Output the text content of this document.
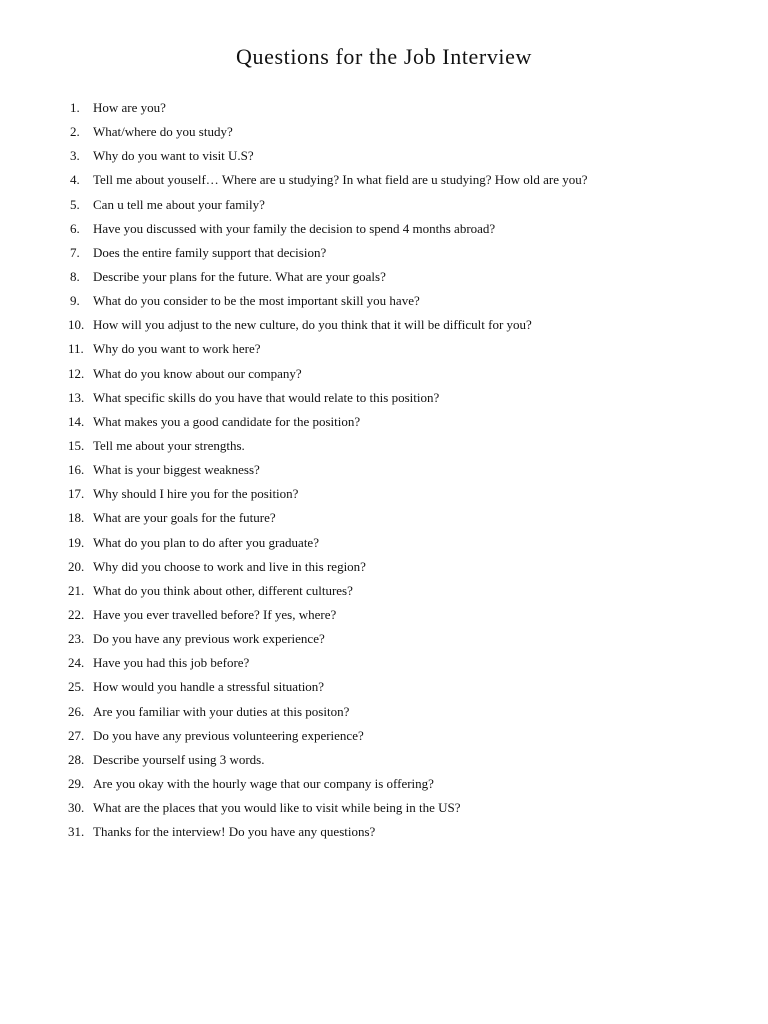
Questions for the Job Interview
1. How are you?
2. What/where do you study?
3. Why do you want to visit U.S?
4. Tell me about youself… Where are u studying? In what field are u studying? How old are you?
5. Can u tell me about your family?
6. Have you discussed with your family the decision to spend 4 months abroad?
7. Does the entire family support that decision?
8. Describe your plans for the future. What are your goals?
9. What do you consider to be the most important skill you have?
10. How will you adjust to the new culture, do you think that it will be difficult for you?
11. Why do you want to work here?
12. What do you know about our company?
13. What specific skills do you have that would relate to this position?
14. What makes you a good candidate for the position?
15. Tell me about your strengths.
16. What is your biggest weakness?
17. Why should I hire you for the position?
18. What are your goals for the future?
19. What do you plan to do after you graduate?
20. Why did you choose to work and live in this region?
21. What do you think about other, different cultures?
22. Have you ever travelled before? If yes, where?
23. Do you have any previous work experience?
24. Have you had this job before?
25. How would you handle a stressful situation?
26. Are you familiar with your duties at this positon?
27. Do you have any previous volunteering experience?
28. Describe yourself using 3 words.
29. Are you okay with the hourly wage that our company is offering?
30. What are the places that you would like to visit while being in the US?
31. Thanks for the interview! Do you have any questions?
